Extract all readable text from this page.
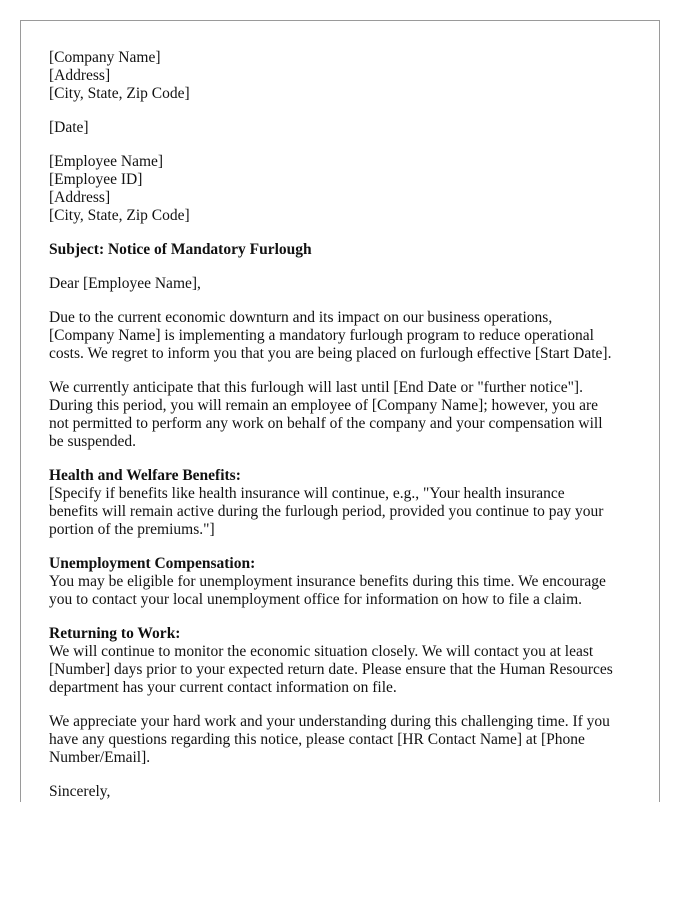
[Company Name]
[Address]
[City, State, Zip Code]
[Date]
[Employee Name]
[Employee ID]
[Address]
[City, State, Zip Code]
Subject: Notice of Mandatory Furlough
Dear [Employee Name],
Due to the current economic downturn and its impact on our business operations,
[Company Name] is implementing a mandatory furlough program to reduce operational
costs. We regret to inform you that you are being placed on furlough effective [Start Date].
We currently anticipate that this furlough will last until [End Date or "further notice"].
During this period, you will remain an employee of [Company Name]; however, you are
not permitted to perform any work on behalf of the company and your compensation will
be suspended.
Health and Welfare Benefits:
[Specify if benefits like health insurance will continue, e.g., "Your health insurance
benefits will remain active during the furlough period, provided you continue to pay your
portion of the premiums."]
Unemployment Compensation:
You may be eligible for unemployment insurance benefits during this time. We encourage
you to contact your local unemployment office for information on how to file a claim.
Returning to Work:
We will continue to monitor the economic situation closely. We will contact you at least
[Number] days prior to your expected return date. Please ensure that the Human Resources
department has your current contact information on file.
We appreciate your hard work and your understanding during this challenging time. If you
have any questions regarding this notice, please contact [HR Contact Name] at [Phone
Number/Email].
Sincerely,
